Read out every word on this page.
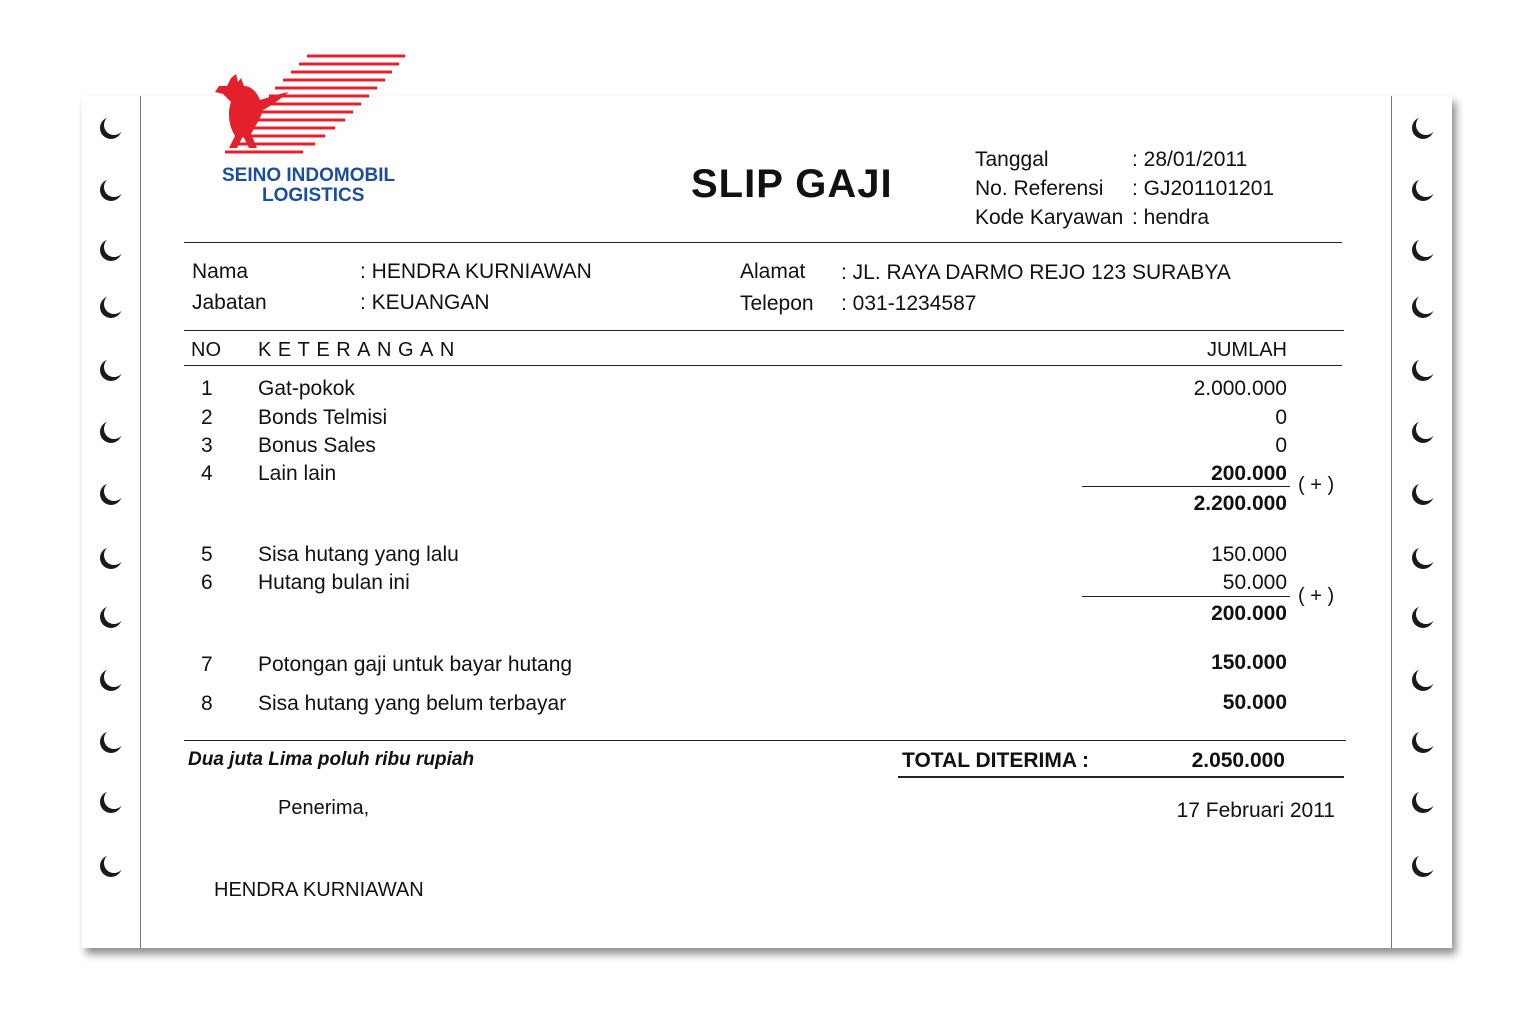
SEINO INDOMOBIL
LOGISTICS	SLIP GAJI
Tanggal	: 28/01/2011
No. Referensi : GJ201101201
Kode Karyawan : hendra
Nama	: HENDRA KURNIAWAN
Jabatan	: KEUANGAN
Alamat : JL. RAYA DARMO REJO 123 SURABYA
Telepon : 031-1234587
NO KETERANGAN	JUMLAH
1 Gat-pokok	2.000.000
2 Bonds Telmisi	0
3 Bonus Sales	0
4 Lain lain	200.000 ( + )
2.200.000
5 Sisa hutang yang lalu	150.000
6 Hutang bulan ini	50.000
( + )
200.000
7 Potongan gaji untuk bayar hutang	150.000
8 Sisa hutang yang belum terbayar	50.000
Dua juta Lima poluh ribu rupiah	TOTAL DITERIMA :	2.050.000
Penerima,	17 Februari 2011
HENDRA KURNIAWAN
